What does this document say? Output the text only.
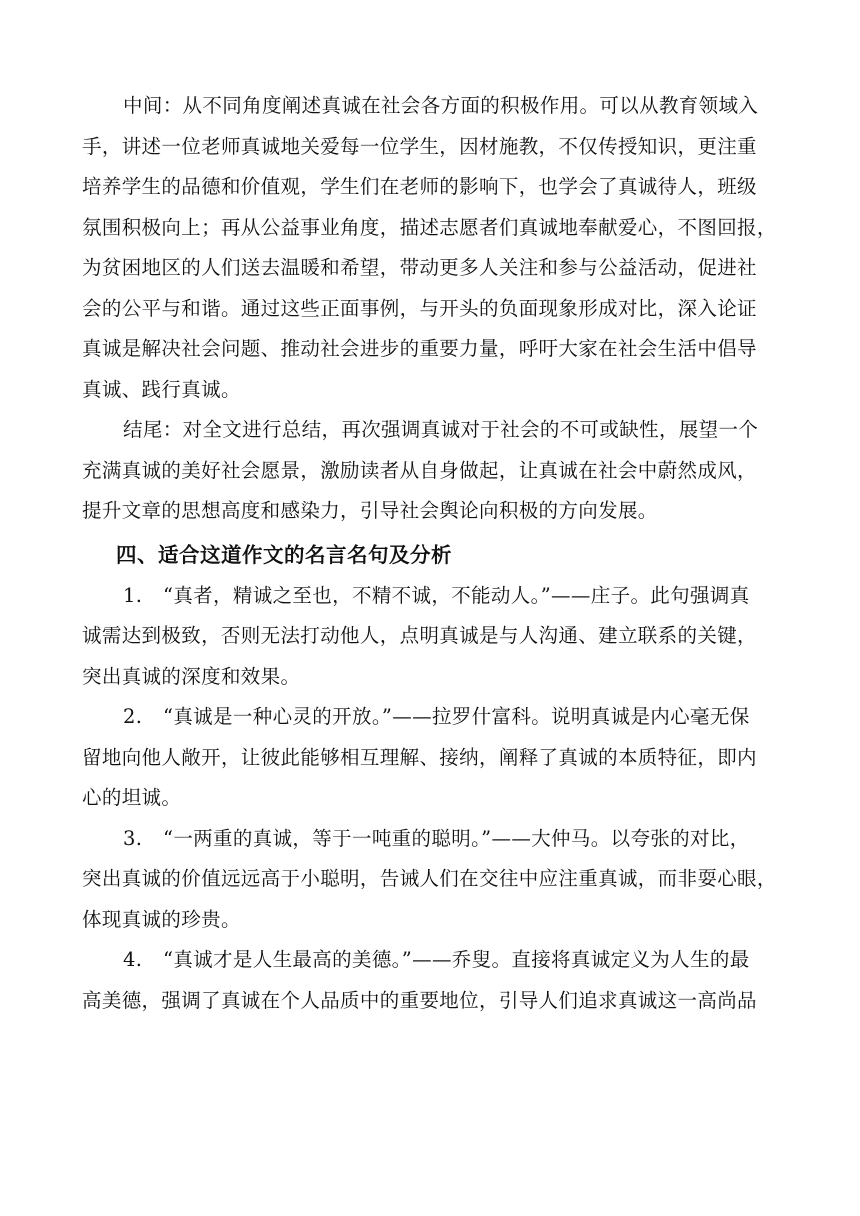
中间：从不同角度阐述真诚在社会各方面的积极作用。可以从教育领域入
手，讲述一位老师真诚地关爱每一位学生，因材施教，不仅传授知识，更注重
培养学生的品德和价值观，学生们在老师的影响下，也学会了真诚待人，班级
氛围积极向上；再从公益事业角度，描述志愿者们真诚地奉献爱心，不图回报，
为贫困地区的人们送去温暖和希望，带动更多人关注和参与公益活动，促进社
会的公平与和谐。通过这些正面事例，与开头的负面现象形成对比，深入论证
真诚是解决社会问题、推动社会进步的重要力量，呼吁大家在社会生活中倡导
真诚、践行真诚。
结尾：对全文进行总结，再次强调真诚对于社会的不可或缺性，展望一个
充满真诚的美好社会愿景，激励读者从自身做起，让真诚在社会中蔚然成风，
提升文章的思想高度和感染力，引导社会舆论向积极的方向发展。
四、适合这道作文的名言名句及分析
1. “真者，精诚之至也，不精不诚，不能动人。”——庄子。此句强调真
诚需达到极致，否则无法打动他人，点明真诚是与人沟通、建立联系的关键，
突出真诚的深度和效果。
2. “真诚是一种心灵的开放。”——拉罗什富科。说明真诚是内心毫无保
留地向他人敞开，让彼此能够相互理解、接纳，阐释了真诚的本质特征，即内
心的坦诚。
3. “一两重的真诚，等于一吨重的聪明。”——大仲马。以夸张的对比，
突出真诚的价值远远高于小聪明，告诫人们在交往中应注重真诚，而非耍心眼，
体现真诚的珍贵。
4. “真诚才是人生最高的美德。”——乔叟。直接将真诚定义为人生的最
高美德，强调了真诚在个人品质中的重要地位，引导人们追求真诚这一高尚品
